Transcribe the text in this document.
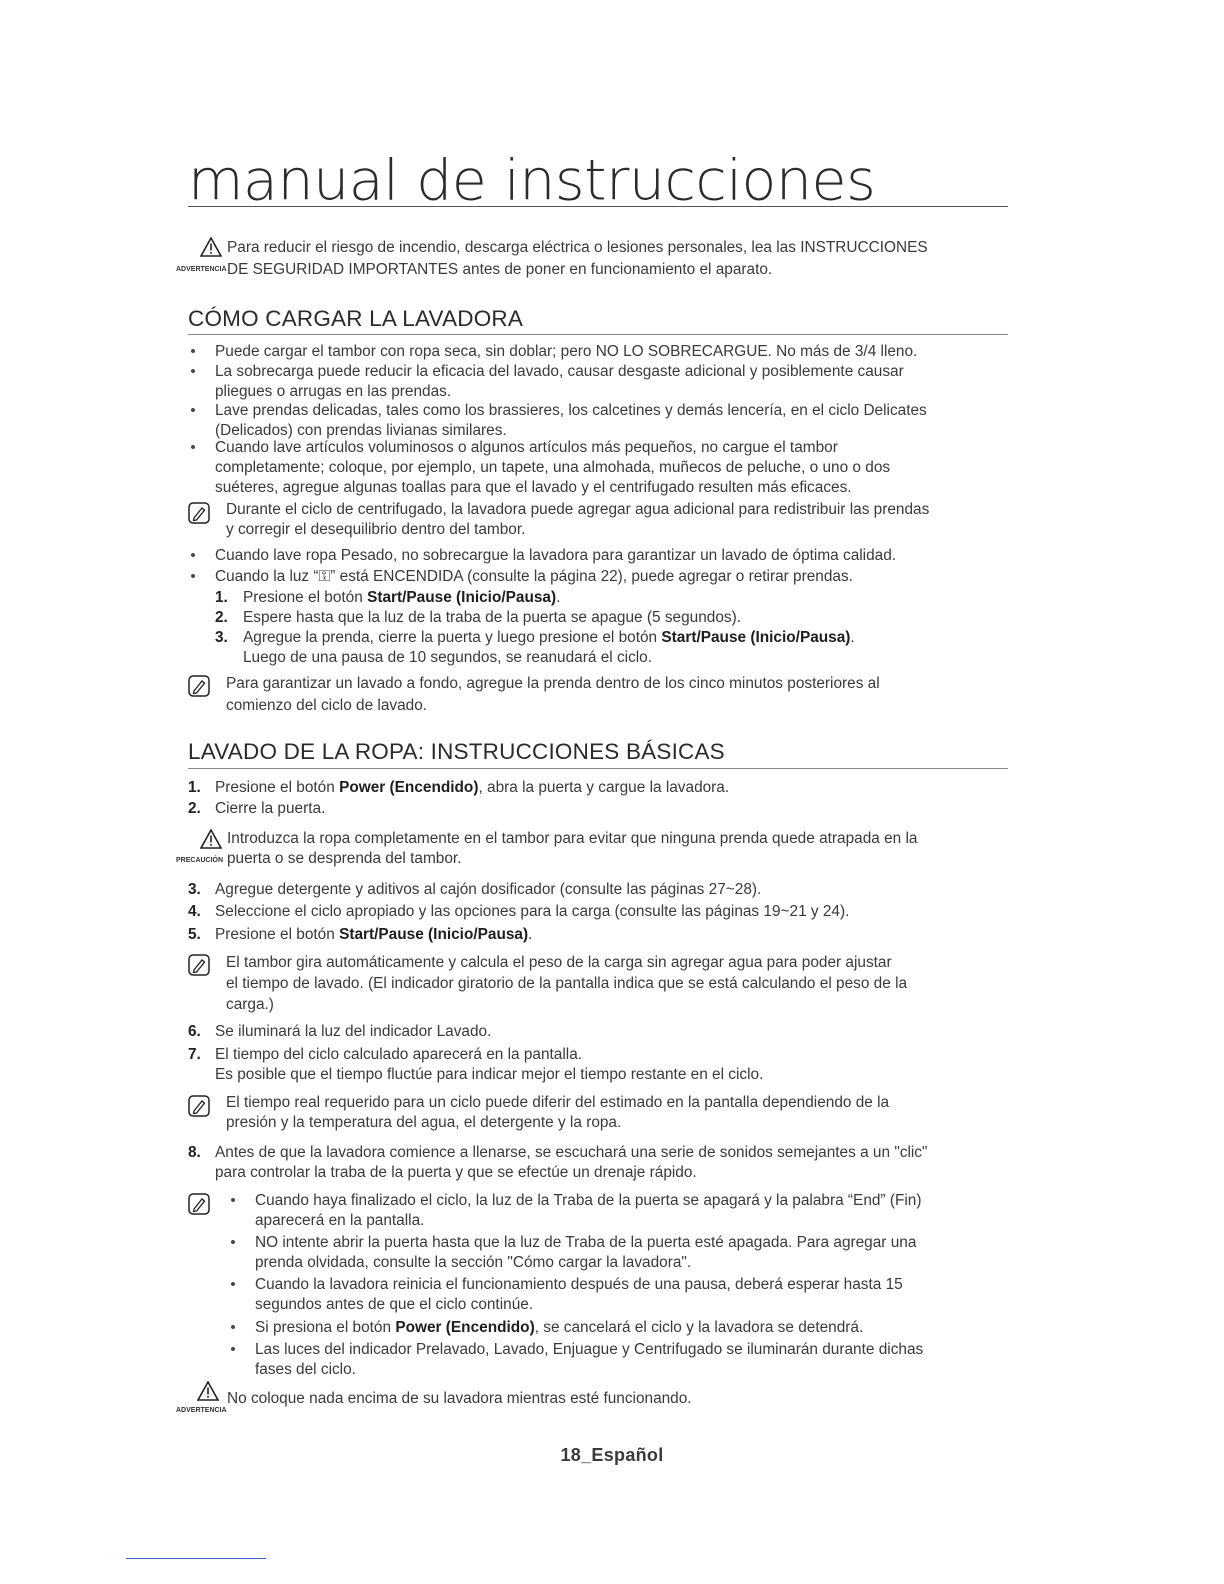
manual de instrucciones
ADVERTENCIA
Para reducir el riesgo de incendio, descarga eléctrica o lesiones personales, lea las INSTRUCCIONES
DE SEGURIDAD IMPORTANTES antes de poner en funcionamiento el aparato.
CÓMO CARGAR LA LAVADORA
• Puede cargar el tambor con ropa seca, sin doblar; pero NO LO SOBRECARGUE. No más de 3/4 lleno.
• La sobrecarga puede reducir la eficacia del lavado, causar desgaste adicional y posiblemente causar
pliegues o arrugas en las prendas.
• Lave prendas delicadas, tales como los brassieres, los calcetines y demás lencería, en el ciclo Delicates
(Delicados) con prendas livianas similares.
• Cuando lave artículos voluminosos o algunos artículos más pequeños, no cargue el tambor
completamente; coloque, por ejemplo, un tapete, una almohada, muñecos de peluche, o uno o dos
suéteres, agregue algunas toallas para que el lavado y el centrifugado resulten más eficaces.
Durante el ciclo de centrifugado, la lavadora puede agregar agua adicional para redistribuir las prendas
y corregir el desequilibrio dentro del tambor.
• Cuando lave ropa Pesado, no sobrecargue la lavadora para garantizar un lavado de óptima calidad.
• Cuando la luz “⚿” está ENCENDIDA (consulte la página 22), puede agregar o retirar prendas.
1. Presione el botón Start/Pause (Inicio/Pausa).
2. Espere hasta que la luz de la traba de la puerta se apague (5 segundos).
3. Agregue la prenda, cierre la puerta y luego presione el botón Start/Pause (Inicio/Pausa).
Luego de una pausa de 10 segundos, se reanudará el ciclo.
Para garantizar un lavado a fondo, agregue la prenda dentro de los cinco minutos posteriores al
comienzo del ciclo de lavado.
LAVADO DE LA ROPA: INSTRUCCIONES BÁSICAS
1. Presione el botón Power (Encendido), abra la puerta y cargue la lavadora.
2. Cierre la puerta.
PRECAUCIÓN
Introduzca la ropa completamente en el tambor para evitar que ninguna prenda quede atrapada en la
puerta o se desprenda del tambor.
3. Agregue detergente y aditivos al cajón dosificador (consulte las páginas 27~28).
4. Seleccione el ciclo apropiado y las opciones para la carga (consulte las páginas 19~21 y 24).
5. Presione el botón Start/Pause (Inicio/Pausa).
El tambor gira automáticamente y calcula el peso de la carga sin agregar agua para poder ajustar
el tiempo de lavado. (El indicador giratorio de la pantalla indica que se está calculando el peso de la
carga.)
6. Se iluminará la luz del indicador Lavado.
7. El tiempo del ciclo calculado aparecerá en la pantalla.
Es posible que el tiempo fluctúe para indicar mejor el tiempo restante en el ciclo.
El tiempo real requerido para un ciclo puede diferir del estimado en la pantalla dependiendo de la
presión y la temperatura del agua, el detergente y la ropa.
8. Antes de que la lavadora comience a llenarse, se escuchará una serie de sonidos semejantes a un "clic"
para controlar la traba de la puerta y que se efectúe un drenaje rápido.
• Cuando haya finalizado el ciclo, la luz de la Traba de la puerta se apagará y la palabra “End” (Fin)
aparecerá en la pantalla.
• NO intente abrir la puerta hasta que la luz de Traba de la puerta esté apagada. Para agregar una
prenda olvidada, consulte la sección "Cómo cargar la lavadora".
• Cuando la lavadora reinicia el funcionamiento después de una pausa, deberá esperar hasta 15
segundos antes de que el ciclo continúe.
• Si presiona el botón Power (Encendido), se cancelará el ciclo y la lavadora se detendrá.
• Las luces del indicador Prelavado, Lavado, Enjuague y Centrifugado se iluminarán durante dichas
fases del ciclo.
ADVERTENCIA
No coloque nada encima de su lavadora mientras esté funcionando.
18_Español
